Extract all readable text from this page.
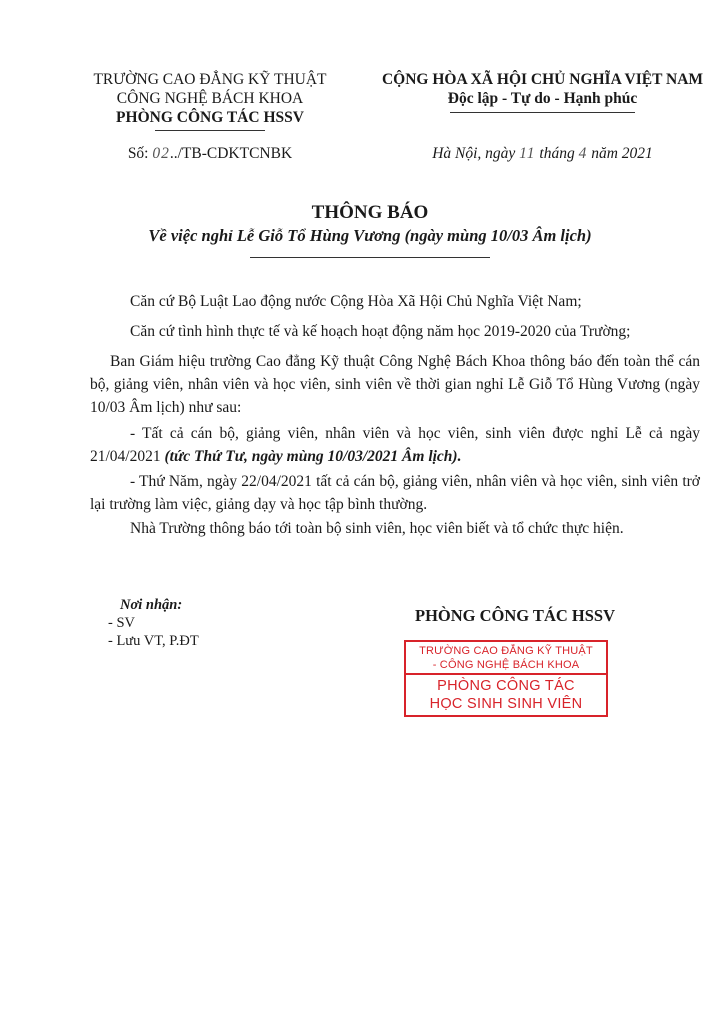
TRƯỜNG CAO ĐẲNG KỸ THUẬT
CÔNG NGHỆ BÁCH KHOA
PHÒNG CÔNG TÁC HSSV
CỘNG HÒA XÃ HỘI CHỦ NGHĨA VIỆT NAM
Độc lập - Tự do - Hạnh phúc
Số: 02../TB-CDKTCNBK	Hà Nội, ngày 11 tháng 4 năm 2021
THÔNG BÁO
Về việc nghỉ Lễ Giỗ Tổ Hùng Vương (ngày mùng 10/03 Âm lịch)
Căn cứ Bộ Luật Lao động nước Cộng Hòa Xã Hội Chủ Nghĩa Việt Nam;
Căn cứ tình hình thực tế và kế hoạch hoạt động năm học 2019-2020 của Trường;
Ban Giám hiệu trường Cao đẳng Kỹ thuật Công Nghệ Bách Khoa thông báo đến toàn thể cán bộ, giảng viên, nhân viên và học viên, sinh viên về thời gian nghỉ Lễ Giỗ Tổ Hùng Vương (ngày 10/03 Âm lịch) như sau:
- Tất cả cán bộ, giảng viên, nhân viên và học viên, sinh viên được nghỉ Lễ cả ngày 21/04/2021 (tức Thứ Tư, ngày mùng 10/03/2021 Âm lịch).
- Thứ Năm, ngày 22/04/2021 tất cả cán bộ, giảng viên, nhân viên và học viên, sinh viên trở lại trường làm việc, giảng dạy và học tập bình thường.
Nhà Trường thông báo tới toàn bộ sinh viên, học viên biết và tổ chức thực hiện.
Nơi nhận:
- SV
- Lưu VT, P.ĐT
PHÒNG CÔNG TÁC HSSV
TRƯỜNG CAO ĐẲNG KỸ THUẬT
- CÔNG NGHỆ BÁCH KHOA
PHÒNG CÔNG TÁC
HỌC SINH SINH VIÊN
